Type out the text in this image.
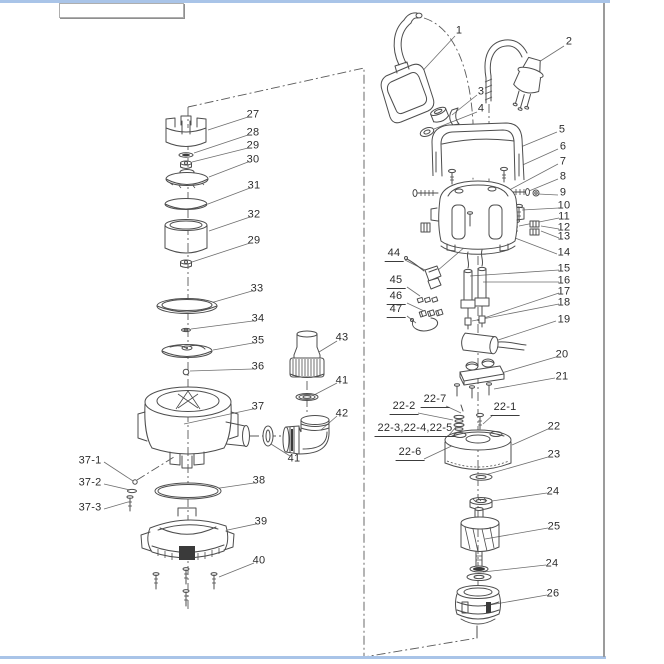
1
2
3
4
5
6
7
8
9
10
11
12
13
14
15
16
17
18
19
20
21
22
23
24
25
24
26
44
45
46
47
22-2
22-7
22-1
22-3,22-4,22-5
22-6
27
28
29
30
31
32
29
33
34
35
36
37
43
41
42
41
38
39
40
37-1
37-2
37-3
